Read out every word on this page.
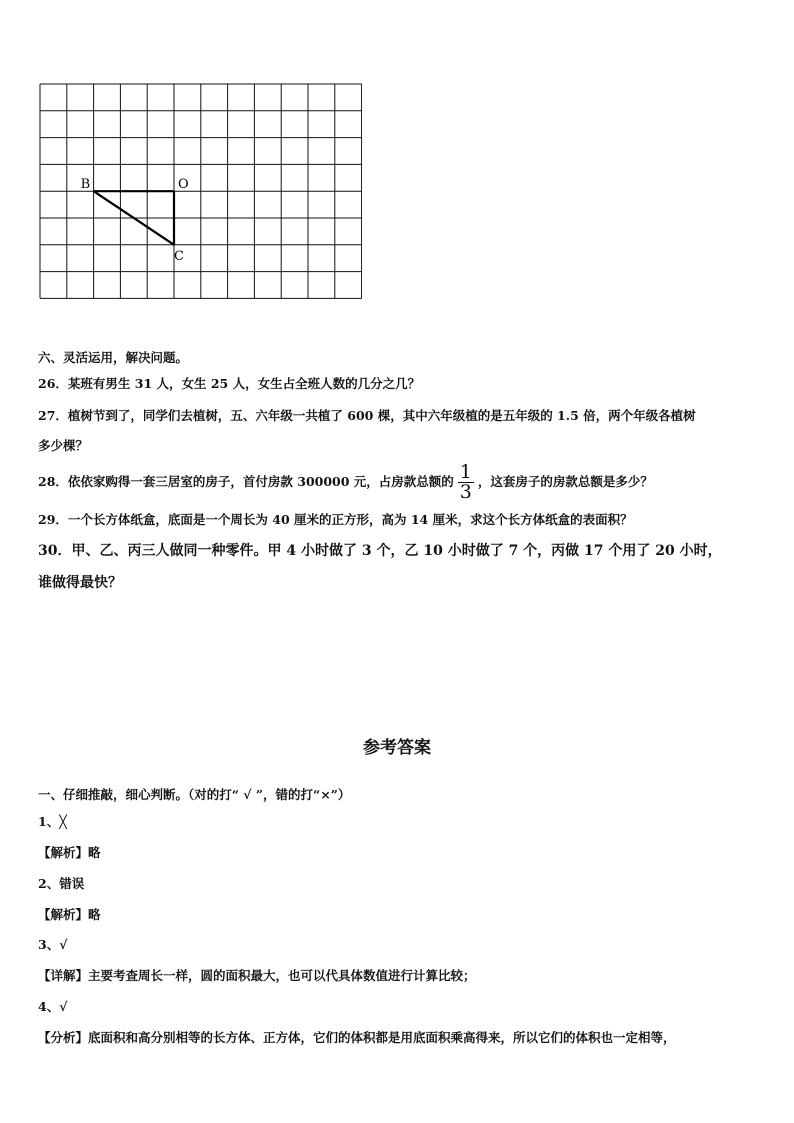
B	O
C
六、灵活运用，解决问题。
26．某班有男生 31 人，女生 25 人，女生占全班人数的几分之几？
27．植树节到了，同学们去植树，五、六年级一共植了 600 棵，其中六年级植的是五年级的 1.5 倍，两个年级各植树
多少棵？
28．依依家购得一套三居室的房子，首付房款 300000 元，占房款总额的 $\frac{1}{3}$ ，这套房子的房款总额是多少？
29．一个长方体纸盒，底面是一个周长为 40 厘米的正方形，高为 14 厘米，求这个长方体纸盒的表面积？
30．甲、乙、丙三人做同一种零件。甲 4 小时做了 3 个，乙 10 小时做了 7 个，丙做 17 个用了 20 小时，
谁做得最快？
参考答案
一、仔细推敲，细心判断。（对的打“ √ ”，错的打“×”）
1、╳
【解析】略
2、错误
【解析】略
3、√
【详解】主要考查周长一样，圆的面积最大，也可以代具体数值进行计算比较；
4、√
【分析】底面积和高分别相等的长方体、正方体，它们的体积都是用底面积乘高得来，所以它们的体积也一定相等，
